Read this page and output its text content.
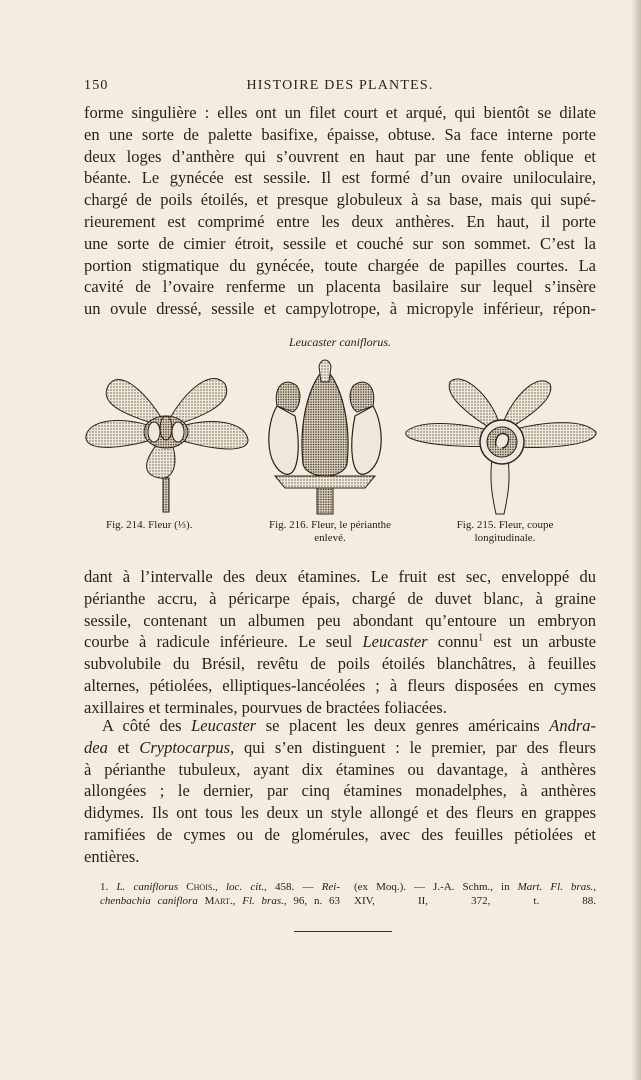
150	HISTOIRE DES PLANTES.
forme singulière : elles ont un filet court et arqué, qui bientôt se dilate
en une sorte de palette basifixe, épaisse, obtuse. Sa face interne porte
deux loges d’anthère qui s’ouvrent en haut par une fente oblique et
béante. Le gynécée est sessile. Il est formé d’un ovaire uniloculaire,
chargé de poils étoilés, et presque globuleux à sa base, mais qui supé-
rieurement est comprimé entre les deux anthères. En haut, il porte
une sorte de cimier étroit, sessile et couché sur son sommet. C’est la
portion stigmatique du gynécée, toute chargée de papilles courtes. La
cavité de l’ovaire renferme un placenta basilaire sur lequel s’insère
un ovule dressé, sessile et campylotrope, à micropyle inférieur, répon-
Leucaster caniflorus.
Fig. 214. Fleur (⅓).	Fig. 216. Fleur, le périanthe
enlevé.
Fig. 215. Fleur, coupe
longitudinale.
dant à l’intervalle des deux étamines. Le fruit est sec, enveloppé du
périanthe accru, à péricarpe épais, chargé de duvet blanc, à graine
sessile, contenant un albumen peu abondant qu’entoure un embryon
courbe à radicule inférieure. Le seul Leucaster connu$^1$ est un arbuste
subvolubile du Brésil, revêtu de poils étoilés blanchâtres, à feuilles
alternes, pétiolées, elliptiques-lancéolées ; à fleurs disposées en cymes
axillaires et terminales, pourvues de bractées foliacées.
A côté des Leucaster se placent les deux genres américains Andra-
dea et Cryptocarpus, qui s’en distinguent : le premier, par des fleurs
à périanthe tubuleux, ayant dix étamines ou davantage, à anthères
allongées ; le dernier, par cinq étamines monadelphes, à anthères
didymes. Ils ont tous les deux un style allongé et des fleurs en grappes
ramifiées de cymes ou de glomérules, avec des feuilles pétiolées et
entières.
1. L. caniflorus Chois., loc. cit., 458. — Rei-
chenbachia caniflora Mart., Fl. bras., 96, n. 63
(ex Moq.). — J.-A. Schm., in Mart. Fl. bras.,
XIV, II, 372, t. 88.
